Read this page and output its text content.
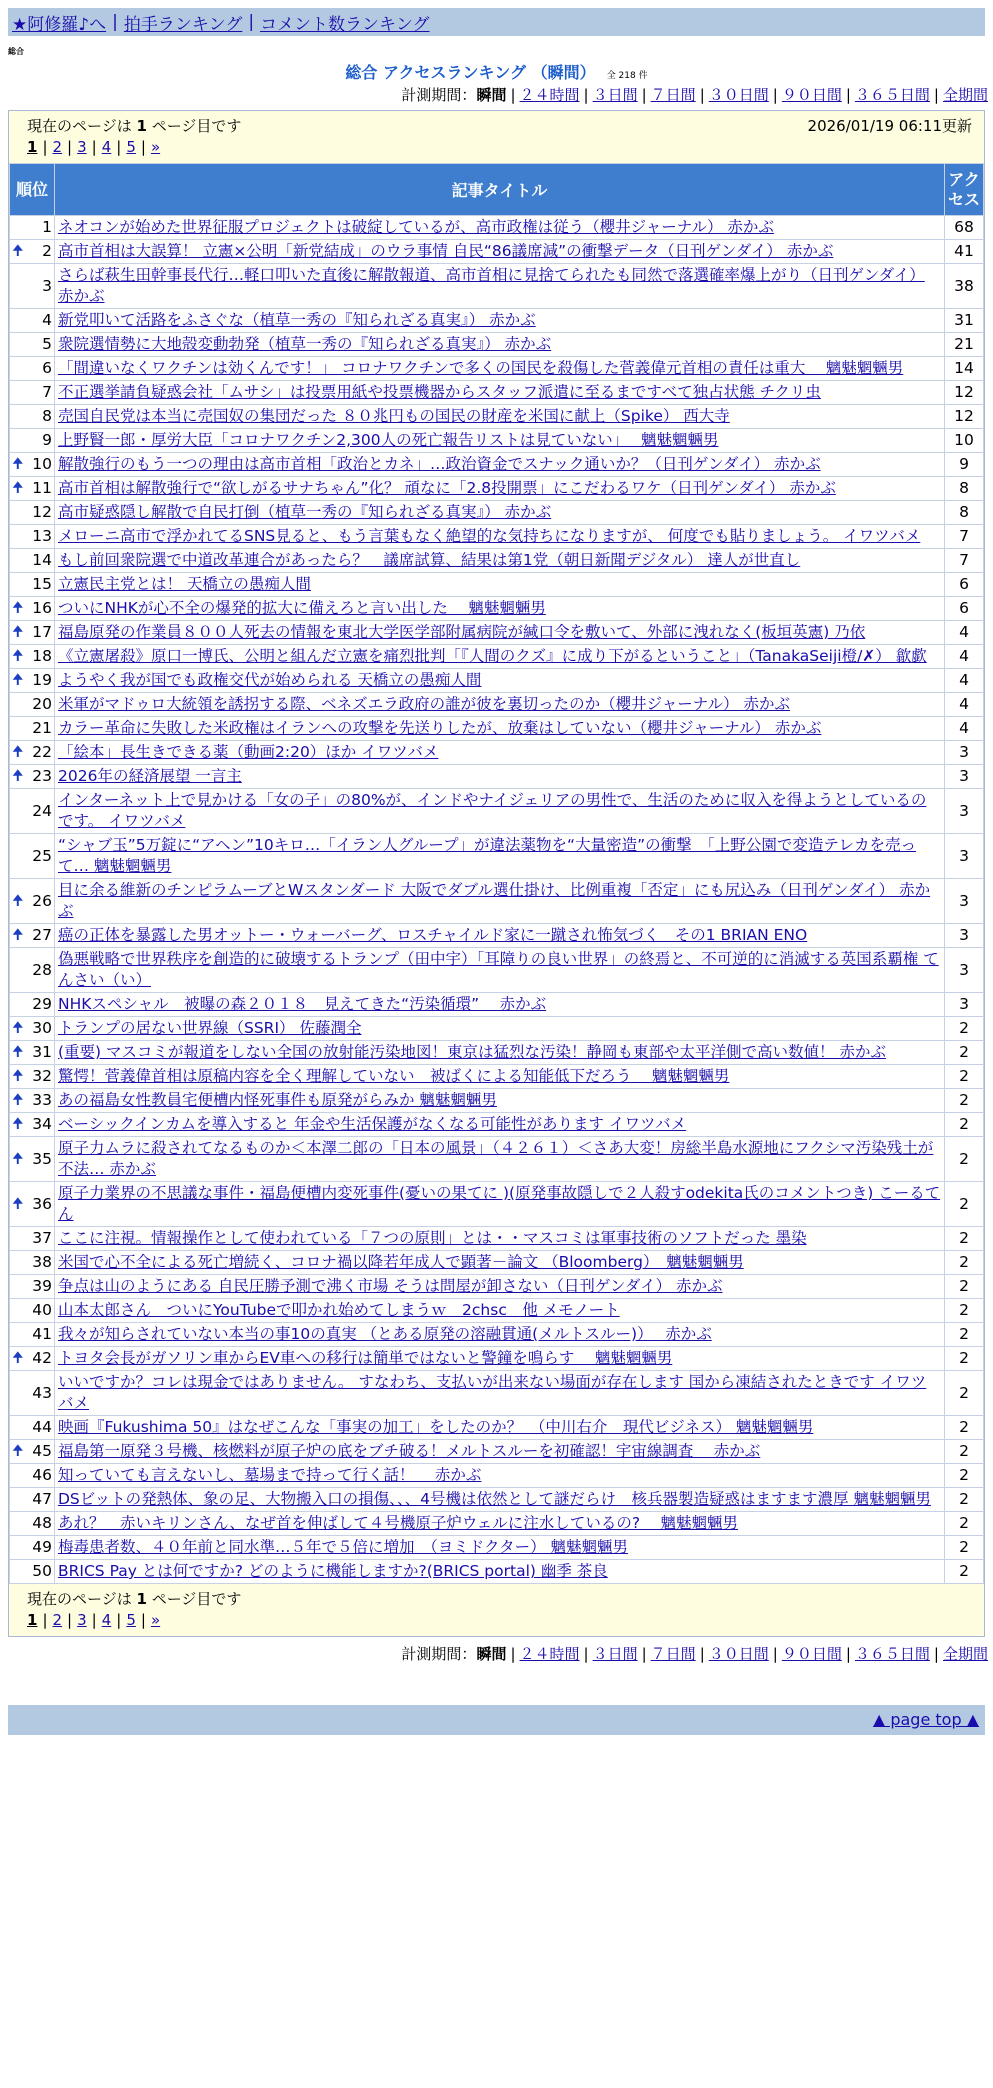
★阿修羅♪へ | 拍手ランキング | コメント数ランキング
総合
総合 アクセスランキング （瞬間） 全 218 件
計測期間：瞬間 | ２４時間 | ３日間 | ７日間 | ３０日間 | ９０日間 | ３６５日間 | 全期間
現在のページは 1 ページ目です	2026/01/19 06:11更新
1 | 2 | 3 | 4 | 5 | »
順位	記事タイトル	アク
セス

1	ネオコンが始めた世界征服プロジェクトは破綻しているが、高市政権は従う（櫻井ジャーナル） 赤かぶ	68

🠉 2	高市首相は大誤算！ 立憲×公明「新党結成」のウラ事情 自民“86議席減”の衝撃データ（日刊ゲンダイ） 赤かぶ	41
3	さらば萩生田幹事長代行…軽口叩いた直後に解散報道、高市首相に見捨てられたも同然で落選確率爆上がり（日刊ゲンダイ） 赤かぶ	38
4	新党叩いて活路をふさぐな（植草一秀の『知られざる真実』） 赤かぶ	31
5	衆院選情勢に大地殻変動勃発（植草一秀の『知られざる真実』） 赤かぶ	21
6	「間違いなくワクチンは効くんです！」 コロナワクチンで多くの国民を殺傷した菅義偉元首相の責任は重大　 魑魅魍魎男	14
7	不正選挙請負疑惑会社「ムサシ」は投票用紙や投票機器からスタッフ派遣に至るまですべて独占状態 チクリ虫	12
8	売国自民党は本当に売国奴の集団だった ８０兆円もの国民の財産を米国に献上（Spike） 西大寺	12
9	上野賢一郎・厚労大臣「コロナワクチン2,300人の死亡報告リストは見ていない」　 魑魅魍魎男	10

🠉 10	解散強行のもう一つの理由は高市首相「政治とカネ」…政治資金でスナック通いか？（日刊ゲンダイ） 赤かぶ	9

🠉 11	高市首相は解散強行で“欲しがるサナちゃん”化？ 頑なに「2.8投開票」にこだわるワケ（日刊ゲンダイ） 赤かぶ	8
12	高市疑惑隠し解散で自民打倒（植草一秀の『知られざる真実』） 赤かぶ	8
13	メローニ高市で浮かれてるSNS見ると、もう言葉もなく絶望的な気持ちになりますが、 何度でも貼りましょう。 イワツバメ	7
14	もし前回衆院選で中道改革連合があったら？　議席試算、結果は第1党（朝日新聞デジタル） 達人が世直し	7
15	立憲民主党とは！ 天橋立の愚痴人間	6

🠉 16	ついにNHKが心不全の爆発的拡大に備えろと言い出した　 魑魅魍魎男	6

🠉 17	福島原発の作業員８００人死去の情報を東北大学医学部附属病院が緘口令を敷いて、外部に洩れなく(板垣英憲) 乃依	4

🠉 18	《立憲屠殺》原口一博氏、公明と組んだ立憲を痛烈批判「『人間のクズ』に成り下がるということ」（TanakaSeiji橙/✗） 歙歔	4

🠉 19	ようやく我が国でも政権交代が始められる 天橋立の愚痴人間	4
20	米軍がマドゥロ大統領を誘拐する際、ベネズエラ政府の誰が彼を裏切ったのか（櫻井ジャーナル） 赤かぶ	4
21	カラー革命に失敗した米政権はイランへの攻撃を先送りしたが、放棄はしていない（櫻井ジャーナル） 赤かぶ	4

🠉 22	「絵本」長生きできる薬（動画2:20）ほか イワツバメ	3

🠉 23	2026年の経済展望 一言主	3
24	インターネット上で見かける「女の子」の80%が、インドやナイジェリアの男性で、生活のために収入を得ようとしているのです。 イワツバメ	3
25	“シャブ玉”5万錠に“アヘン”10キロ…「イラン人グループ」が違法薬物を“大量密造”の衝撃　「上野公園で変造テレカを売って… 魑魅魍魎男	3

🠉 26	目に余る維新のチンピラムーブとWスタンダード 大阪でダブル選仕掛け、比例重複「否定」にも尻込み（日刊ゲンダイ） 赤かぶ	3

🠉 27	癌の正体を暴露した男オットー・ウォーバーグ、ロスチャイルド家に一蹴され怖気づく　その1 BRIAN ENO	3
28	偽悪戦略で世界秩序を創造的に破壊するトランプ（田中宇）「耳障りの良い世界」の終焉と、不可逆的に消滅する英国系覇権 てんさい（い）	3
29	NHKスペシャル　被曝の森２０１８　見えてきた“汚染循環”　 赤かぶ	3

🠉 30	トランプの居ない世界線（SSRI） 佐藤潤全	2

🠉 31	(重要) マスコミが報道をしない全国の放射能汚染地図！東京は猛烈な汚染！静岡も東部や太平洋側で高い数値！ 赤かぶ	2

🠉 32	驚愕！菅義偉首相は原稿内容を全く理解していない　被ばくによる知能低下だろう　 魑魅魍魎男	2

🠉 33	あの福島女性教員宅便槽内怪死事件も原発がらみか 魑魅魍魎男	2

🠉 34	ベーシックインカムを導入すると 年金や生活保護がなくなる可能性があります イワツバメ	2

🠉 35	原子力ムラに殺されてなるものか＜本澤二郎の「日本の風景」（４２６１）＜さあ大変！房総半島水源地にフクシマ汚染残土が不法… 赤かぶ	2

🠉 36	原子力業界の不思議な事件・福島便槽内変死事件(憂いの果てに )(原発事故隠しで２人殺すodekita氏のコメントつき) こーるてん	2
37	ここに注視。情報操作として使われている「７つの原則」とは・・マスコミは軍事技術のソフトだった 墨染	2
38	米国で心不全による死亡増続く、コロナ禍以降若年成人で顕著－論文 （Bloomberg）　魑魅魍魎男	2
39	争点は山のようにある 自民圧勝予測で沸く市場 そうは問屋が卸さない（日刊ゲンダイ） 赤かぶ	2
40	山本太郎さん　ついにYouTubeで叩かれ始めてしまうｗ　2chsc　他 メモノート	2
41	我々が知らされていない本当の事10の真実 （とある原発の溶融貫通(メルトスルー)）　 赤かぶ	2

🠉 42	トヨタ会長がガソリン車からEV車への移行は簡単ではないと警鐘を鳴らす　 魑魅魍魎男	2
43	いいですか？コレは現金ではありません。 すなわち、支払いが出来ない場面が存在します 国から凍結されたときです イワツバメ	2
44	映画『Fukushima 50』はなぜこんな「事実の加工」をしたのか？　（中川右介　現代ビジネス） 魑魅魍魎男	2

🠉 45	福島第一原発３号機、核燃料が原子炉の底をブチ破る！メルトスルーを初確認！宇宙線調査　 赤かぶ	2
46	知っていても言えないし、墓場まで持って行く話！　 赤かぶ	2
47	DSビットの発熱体、象の足、大物搬入口の損傷、、、4号機は依然として謎だらけ　核兵器製造疑惑はますます濃厚 魑魅魍魎男	2
48	あれ？　赤いキリンさん、なぜ首を伸ばして４号機原子炉ウェルに注水しているの?　 魑魅魍魎男	2
49	梅毒患者数、４０年前と同水準…５年で５倍に増加　（ヨミドクター） 魑魅魍魎男	2
50	BRICS Pay とは何ですか? どのように機能しますか?(BRICS portal) 幽季 茶良	2
現在のページは 1 ページ目です
1 | 2 | 3 | 4 | 5 | »
計測期間：瞬間 | ２４時間 | ３日間 | ７日間 | ３０日間 | ９０日間 | ３６５日間 | 全期間
▲ page top ▲
